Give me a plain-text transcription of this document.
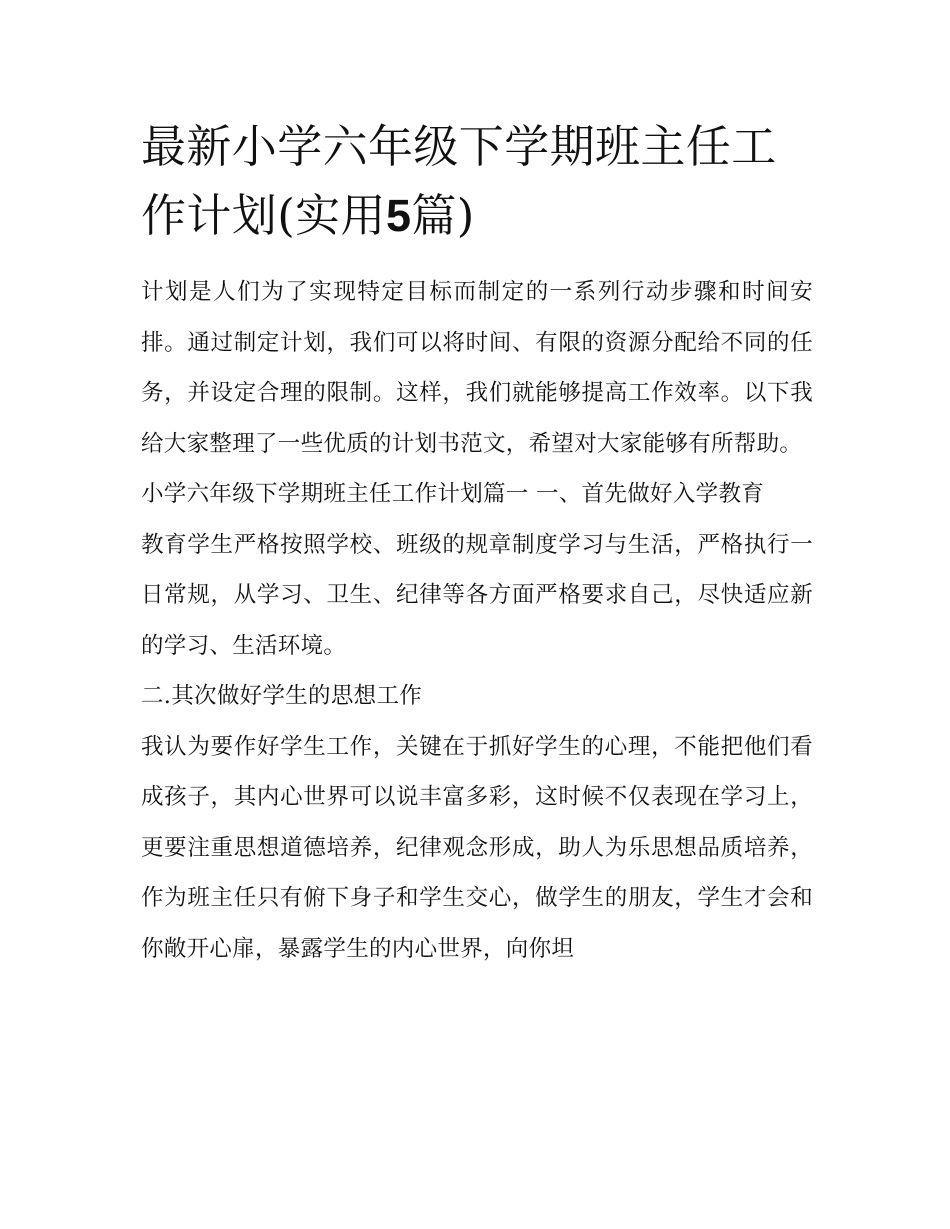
最新小学六年级下学期班主任工作计划(实用5篇)

计划是人们为了实现特定目标而制定的一系列行动步骤和时间安排。通过制定计划，我们可以将时间、有限的资源分配给不同的任务，并设定合理的限制。这样，我们就能够提高工作效率。以下我给大家整理了一些优质的计划书范文，希望对大家能够有所帮助。

小学六年级下学期班主任工作计划篇一 一、首先做好入学教育

教育学生严格按照学校、班级的规章制度学习与生活，严格执行一日常规，从学习、卫生、纪律等各方面严格要求自己，尽快适应新的学习、生活环境。

二.其次做好学生的思想工作

我认为要作好学生工作，关键在于抓好学生的心理，不能把他们看成孩子，其内心世界可以说丰富多彩，这时候不仅表现在学习上，更要注重思想道德培养，纪律观念形成，助人为乐思想品质培养，作为班主任只有俯下身子和学生交心，做学生的朋友，学生才会和你敞开心扉，暴露学生的内心世界，向你坦
